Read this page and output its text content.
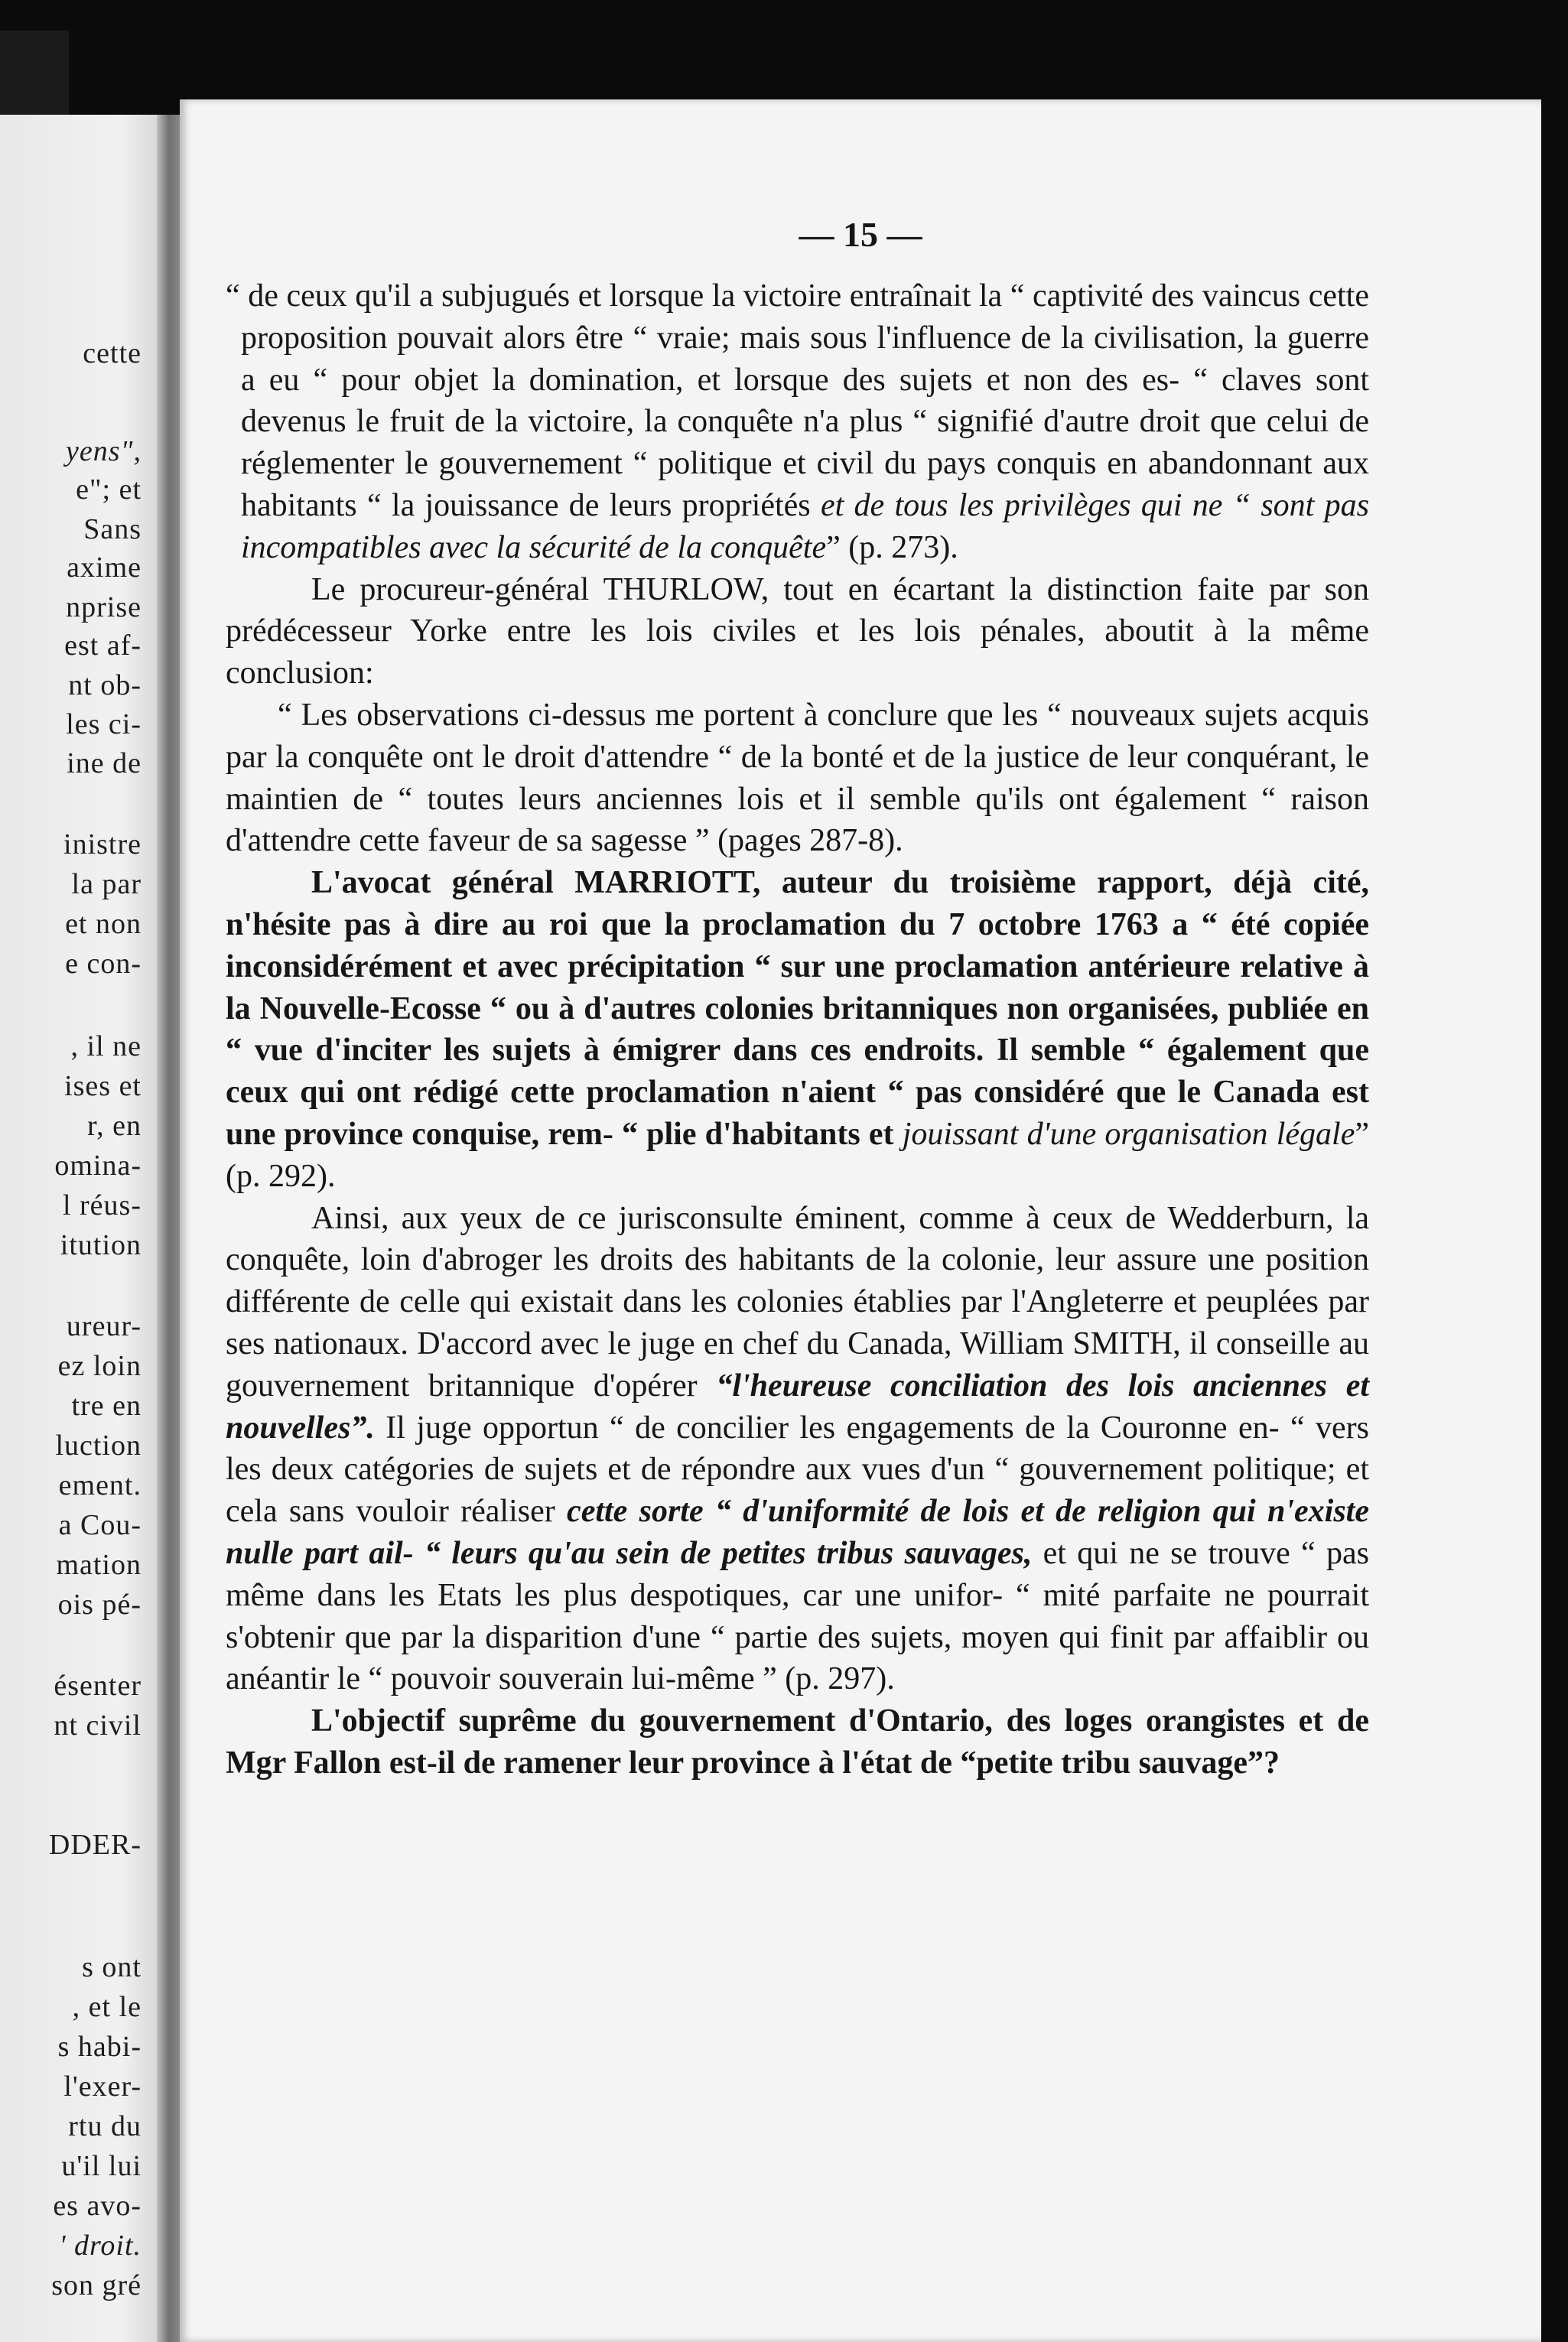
cette
yens",
e"; et
Sans
axime
nprise
est af-
nt ob-
les ci-
ine de
inistre
la par
et non
e con-
, il ne
ises et
r, en
omina-
l réus-
itution
ureur-
ez loin
tre en
luction
ement.
a Cou-
mation
ois pé-
ésenter
nt civil
DDER-
s ont
, et le
s habi-
l'exer-
rtu du
u'il lui
es avo-
' droit.
son gré
— 15 —

“ de ceux qu'il a subjugués et lorsque la victoire entraînait la “ captivité des vaincus cette proposition pouvait alors être “ vraie; mais sous l'influence de la civilisation, la guerre a eu “ pour objet la domination, et lorsque des sujets et non des es- “ claves sont devenus le fruit de la victoire, la conquête n'a plus “ signifié d'autre droit que celui de réglementer le gouvernement “ politique et civil du pays conquis en abandonnant aux habitants “ la jouissance de leurs propriétés et de tous les privilèges qui ne “ sont pas incompatibles avec la sécurité de la conquête” (p. 273).

Le procureur-général THURLOW, tout en écartant la distinction faite par son prédécesseur Yorke entre les lois civiles et les lois pénales, aboutit à la même conclusion:

“ Les observations ci-dessus me portent à conclure que les “ nouveaux sujets acquis par la conquête ont le droit d'attendre “ de la bonté et de la justice de leur conquérant, le maintien de “ toutes leurs anciennes lois et il semble qu'ils ont également “ raison d'attendre cette faveur de sa sagesse ” (pages 287-8).

L'avocat général MARRIOTT, auteur du troisième rapport, déjà cité, n'hésite pas à dire au roi que la proclamation du 7 octobre 1763 a “ été copiée inconsidérément et avec précipitation “ sur une proclamation antérieure relative à la Nouvelle-Ecosse “ ou à d'autres colonies britanniques non organisées, publiée en “ vue d'inciter les sujets à émigrer dans ces endroits. Il semble “ également que ceux qui ont rédigé cette proclamation n'aient “ pas considéré que le Canada est une province conquise, rem- “ plie d'habitants et jouissant d'une organisation légale” (p. 292).

Ainsi, aux yeux de ce jurisconsulte éminent, comme à ceux de Wedderburn, la conquête, loin d'abroger les droits des habitants de la colonie, leur assure une position différente de celle qui existait dans les colonies établies par l'Angleterre et peuplées par ses nationaux. D'accord avec le juge en chef du Canada, William SMITH, il conseille au gouvernement britannique d'opérer “l'heureuse conciliation des lois anciennes et nouvelles”. Il juge opportun “ de concilier les engagements de la Couronne en- “ vers les deux catégories de sujets et de répondre aux vues d'un “ gouvernement politique; et cela sans vouloir réaliser cette sorte “ d'uniformité de lois et de religion qui n'existe nulle part ail- “ leurs qu'au sein de petites tribus sauvages, et qui ne se trouve “ pas même dans les Etats les plus despotiques, car une unifor- “ mité parfaite ne pourrait s'obtenir que par la disparition d'une “ partie des sujets, moyen qui finit par affaiblir ou anéantir le “ pouvoir souverain lui-même ” (p. 297).

L'objectif suprême du gouvernement d'Ontario, des loges orangistes et de Mgr Fallon est-il de ramener leur province à l'état de “petite tribu sauvage”?
